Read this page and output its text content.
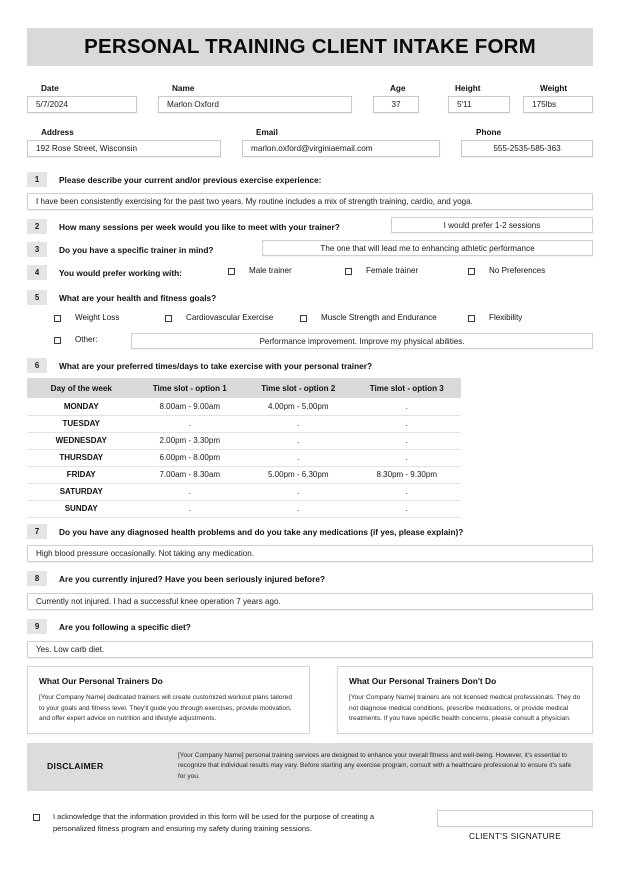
PERSONAL TRAINING CLIENT INTAKE FORM
Date
5/7/2024
Name
Marlon Oxford
Age
37
Height
5'11
Weight
175lbs
Address
192 Rose Street, Wisconsin
Email
marlon.oxford@virginiaemail.com
Phone
555-2535-585-363
1	Please describe your current and/or previous exercise experience:
I have been consistently exercising for the past two years. My routine includes a mix of strength training, cardio, and yoga.
2	How many sessions per week would you like to meet with your trainer?	I would prefer 1-2 sessions
3	Do you have a specific trainer in mind?	The one that will lead me to enhancing athletic performance
4	You would prefer working with:	Male trainer	Female trainer	No Preferences
5	What are your health and fitness goals?
Weight Loss	Cardiovascular Exercise	Muscle Strength and Endurance	Flexibility
Other:	Performance improvement. Improve my physical abilities.
6	What are your preferred times/days to take exercise with your personal trainer?
Day of the week	Time slot - option 1	Time slot - option 2	Time slot - option 3
MONDAY	8.00am - 9.00am	4.00pm - 5.00pm	.
TUESDAY	.	.	.
WEDNESDAY	2.00pm - 3.30pm	.	.
THURSDAY	6.00pm - 8.00pm	.	.
FRIDAY	7.00am - 8.30am	5.00pm - 6.30pm	8.30pm - 9.30pm
SATURDAY	.	.	.
SUNDAY	.	.	.
7	Do you have any diagnosed health problems and do you take any medications (if yes, please explain)?
High blood pressure occasionally. Not taking any medication.
8	Are you currently injured? Have you been seriously injured before?
Currently not injured. I had a successful knee operation 7 years ago.
9	Are you following a specific diet?
Yes. Low carb diet.
What Our Personal Trainers Do
[Your Company Name] dedicated trainers will create customized workout plans tailored to your goals and fitness level. They'll guide you through exercises, provide motivation, and offer expert advice on nutrition and lifestyle adjustments.
What Our Personal Trainers Don't Do
[Your Company Name] trainers are not licensed medical professionals. They do not diagnose medical conditions, prescribe medications, or provide medical treatments. If you have specific health concerns, please consult a physician.
DISCLAIMER
[Your Company Name] personal training services are designed to enhance your overall fitness and well-being. However, it's essential to recognize that individual results may vary. Before starting any exercise program, consult with a healthcare professional to ensure it's safe for you.
I acknowledge that the information provided in this form will be used for the purpose of creating a personalized fitness program and ensuring my safety during training sessions.
CLIENT'S SIGNATURE
